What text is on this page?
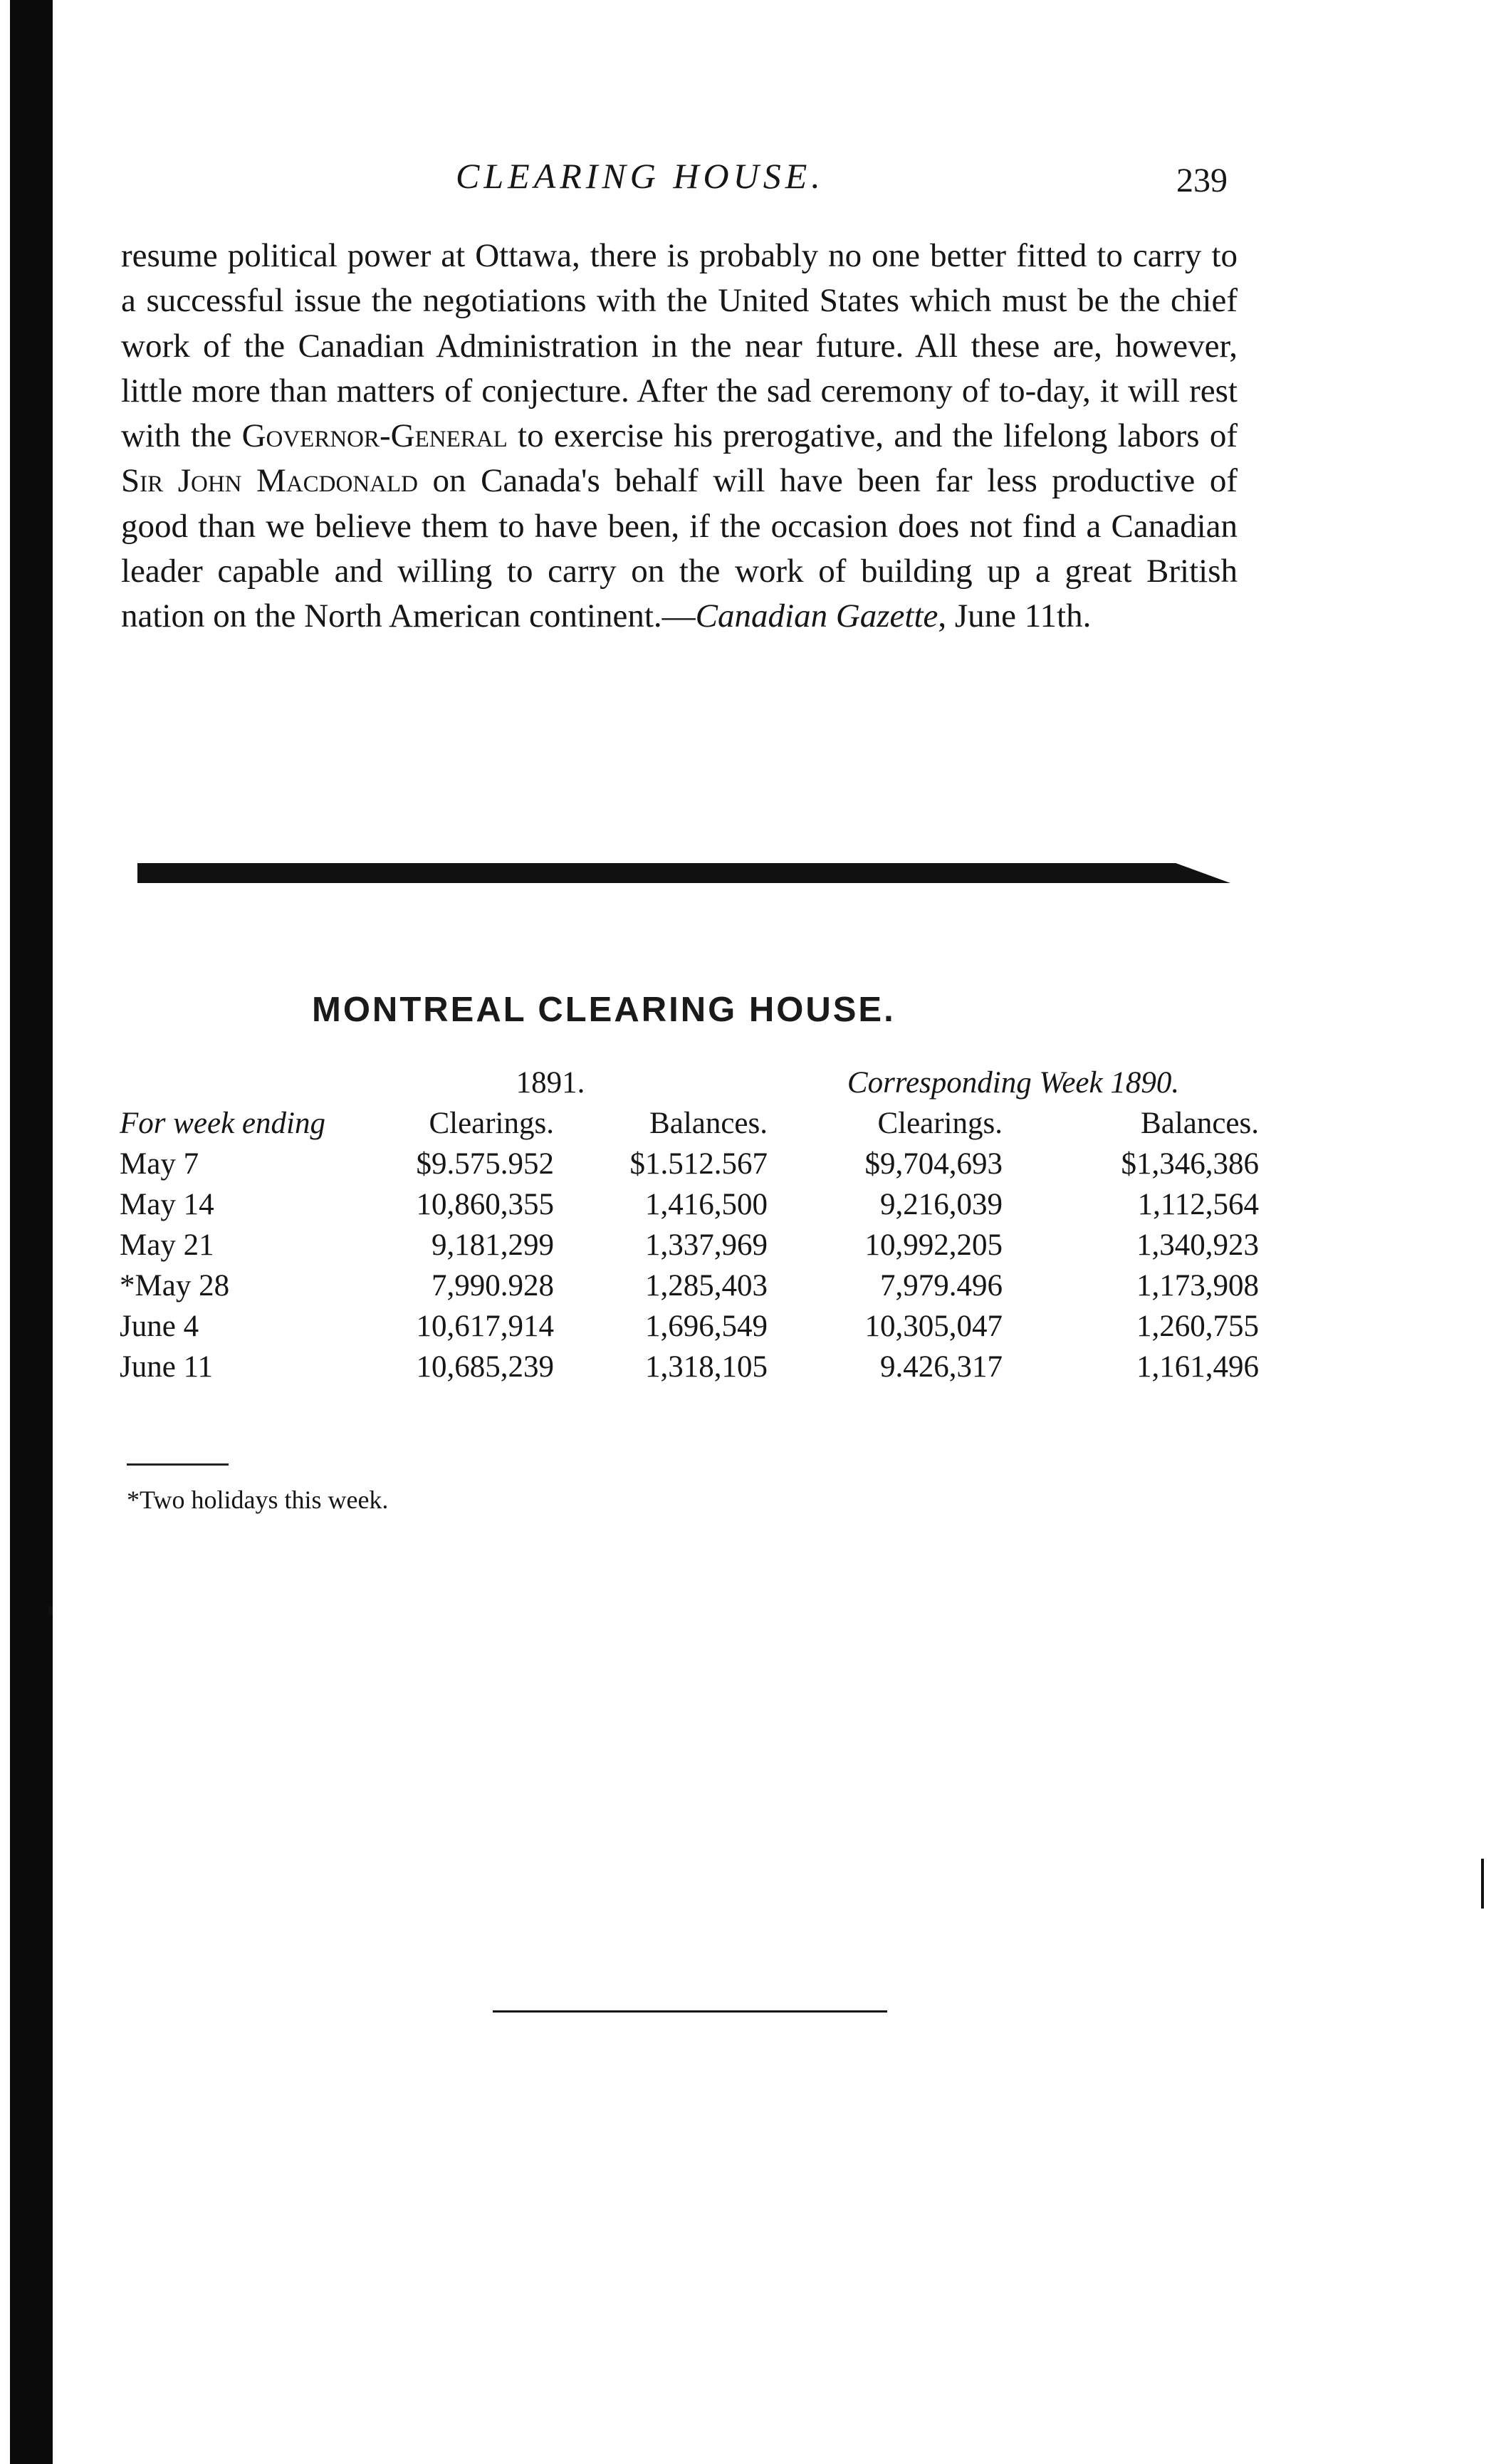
CLEARING HOUSE.	239
resume political power at Ottawa, there is probably no one better fitted to carry to a successful issue the negotiations with the United States which must be the chief work of the Canadian Administration in the near future. All these are, however, little more than matters of conjecture. After the sad ceremony of to-day, it will rest with the Governor-General to exercise his prerogative, and the lifelong labors of Sir John Macdonald on Canada's behalf will have been far less productive of good than we believe them to have been, if the occasion does not find a Canadian leader capable and willing to carry on the work of building up a great British nation on the North American continent.—Canadian Gazette, June 11th.
MONTREAL CLEARING HOUSE.
	1891.		Corresponding Week 1890.	
For week ending	Clearings.	Balances.	Clearings.	Balances.
May 7	$9.575.952	$1.512.567	$9,704,693	$1,346,386
May 14	10,860,355	1,416,500	9,216,039	1,112,564
May 21	9,181,299	1,337,969	10,992,205	1,340,923
*May 28	7,990.928	1,285,403	7,979.496	1,173,908
June 4	10,617,914	1,696,549	10,305,047	1,260,755
June 11	10,685,239	1,318,105	9.426,317	1,161,496
*Two holidays this week.
